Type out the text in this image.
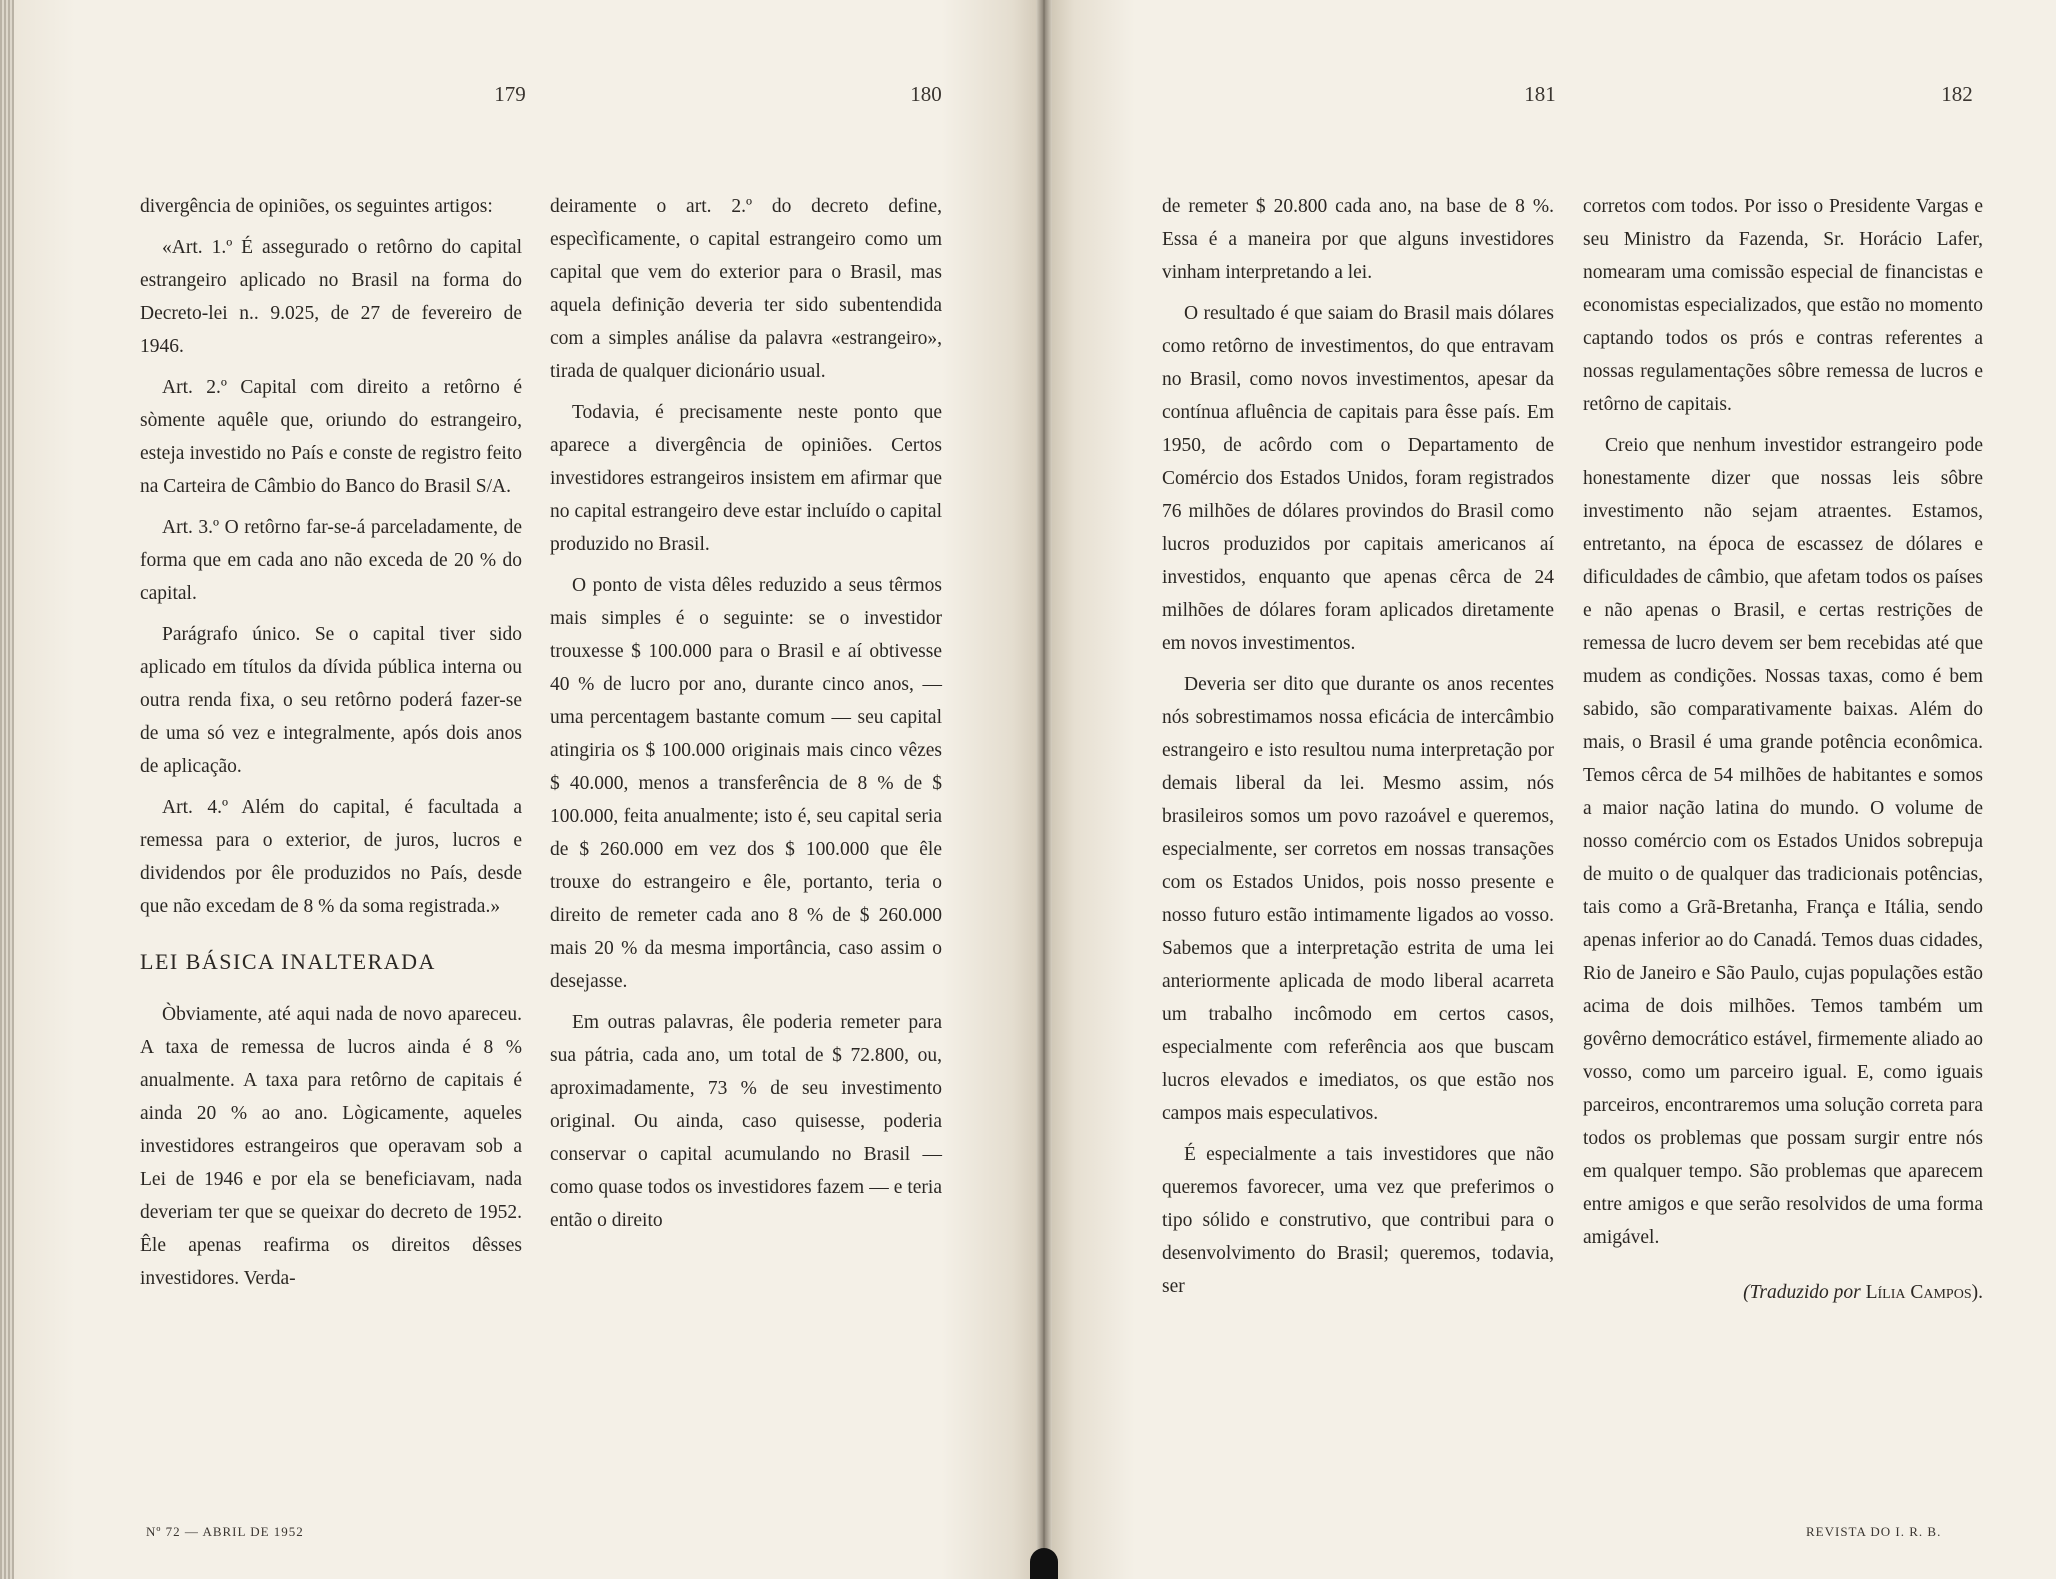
179	180	181	182

divergência de opiniões, os seguintes artigos:

«Art. 1.º É assegurado o retôrno do capital estrangeiro aplicado no Brasil na forma do Decreto-lei n.. 9.025, de 27 de fevereiro de 1946.

Art. 2.º Capital com direito a retôrno é sòmente aquêle que, oriundo do estrangeiro, esteja investido no País e conste de registro feito na Carteira de Câmbio do Banco do Brasil S/A.

Art. 3.º O retôrno far-se-á parceladamente, de forma que em cada ano não exceda de 20 % do capital.

Parágrafo único. Se o capital tiver sido aplicado em títulos da dívida pública interna ou outra renda fixa, o seu retôrno poderá fazer-se de uma só vez e integralmente, após dois anos de aplicação.

Art. 4.º Além do capital, é facultada a remessa para o exterior, de juros, lucros e dividendos por êle produzidos no País, desde que não excedam de 8 % da soma registrada.»

LEI BÁSICA INALTERADA

Òbviamente, até aqui nada de novo apareceu. A taxa de remessa de lucros ainda é 8 % anualmente. A taxa para retôrno de capitais é ainda 20 % ao ano. Lògicamente, aqueles investidores estrangeiros que operavam sob a Lei de 1946 e por ela se beneficiavam, nada deveriam ter que se queixar do decreto de 1952. Êle apenas reafirma os direitos dêsses investidores. Verda-

deiramente o art. 2.º do decreto define, especìficamente, o capital estrangeiro como um capital que vem do exterior para o Brasil, mas aquela definição deveria ter sido subentendida com a simples análise da palavra «estrangeiro», tirada de qualquer dicionário usual.

Todavia, é precisamente neste ponto que aparece a divergência de opiniões. Certos investidores estrangeiros insistem em afirmar que no capital estrangeiro deve estar incluído o capital produzido no Brasil.

O ponto de vista dêles reduzido a seus têrmos mais simples é o seguinte: se o investidor trouxesse $ 100.000 para o Brasil e aí obtivesse 40 % de lucro por ano, durante cinco anos, — uma percentagem bastante comum — seu capital atingiria os $ 100.000 originais mais cinco vêzes $ 40.000, menos a transferência de 8 % de $ 100.000, feita anualmente; isto é, seu capital seria de $ 260.000 em vez dos $ 100.000 que êle trouxe do estrangeiro e êle, portanto, teria o direito de remeter cada ano 8 % de $ 260.000 mais 20 % da mesma importância, caso assim o desejasse.

Em outras palavras, êle poderia remeter para sua pátria, cada ano, um total de $ 72.800, ou, aproximadamente, 73 % de seu investimento original. Ou ainda, caso quisesse, poderia conservar o capital acumulando no Brasil — como quase todos os investidores fazem — e teria então o direito

de remeter $ 20.800 cada ano, na base de 8 %. Essa é a maneira por que alguns investidores vinham interpretando a lei.

O resultado é que saiam do Brasil mais dólares como retôrno de investimentos, do que entravam no Brasil, como novos investimentos, apesar da contínua afluência de capitais para êsse país. Em 1950, de acôrdo com o Departamento de Comércio dos Estados Unidos, foram registrados 76 milhões de dólares provindos do Brasil como lucros produzidos por capitais americanos aí investidos, enquanto que apenas cêrca de 24 milhões de dólares foram aplicados diretamente em novos investimentos.

Deveria ser dito que durante os anos recentes nós sobrestimamos nossa eficácia de intercâmbio estrangeiro e isto resultou numa interpretação por demais liberal da lei. Mesmo assim, nós brasileiros somos um povo razoável e queremos, especialmente, ser corretos em nossas transações com os Estados Unidos, pois nosso presente e nosso futuro estão intimamente ligados ao vosso. Sabemos que a interpretação estrita de uma lei anteriormente aplicada de modo liberal acarreta um trabalho incômodo em certos casos, especialmente com referência aos que buscam lucros elevados e imediatos, os que estão nos campos mais especulativos.

É especialmente a tais investidores que não queremos favorecer, uma vez que preferimos o tipo sólido e construtivo, que contribui para o desenvolvimento do Brasil; queremos, todavia, ser

corretos com todos. Por isso o Presidente Vargas e seu Ministro da Fazenda, Sr. Horácio Lafer, nomearam uma comissão especial de financistas e economistas especializados, que estão no momento captando todos os prós e contras referentes a nossas regulamentações sôbre remessa de lucros e retôrno de capitais.

Creio que nenhum investidor estrangeiro pode honestamente dizer que nossas leis sôbre investimento não sejam atraentes. Estamos, entretanto, na época de escassez de dólares e dificuldades de câmbio, que afetam todos os países e não apenas o Brasil, e certas restrições de remessa de lucro devem ser bem recebidas até que mudem as condições. Nossas taxas, como é bem sabido, são comparativamente baixas. Além do mais, o Brasil é uma grande potência econômica. Temos cêrca de 54 milhões de habitantes e somos a maior nação latina do mundo. O volume de nosso comércio com os Estados Unidos sobrepuja de muito o de qualquer das tradicionais potências, tais como a Grã-Bretanha, França e Itália, sendo apenas inferior ao do Canadá. Temos duas cidades, Rio de Janeiro e São Paulo, cujas populações estão acima de dois milhões. Temos também um govêrno democrático estável, firmemente aliado ao vosso, como um parceiro igual. E, como iguais parceiros, encontraremos uma solução correta para todos os problemas que possam surgir entre nós em qualquer tempo. São problemas que aparecem entre amigos e que serão resolvidos de uma forma amigável.

(Traduzido por Lília Campos).

Nº 72 — ABRIL DE 1952	REVISTA DO I. R. B.
